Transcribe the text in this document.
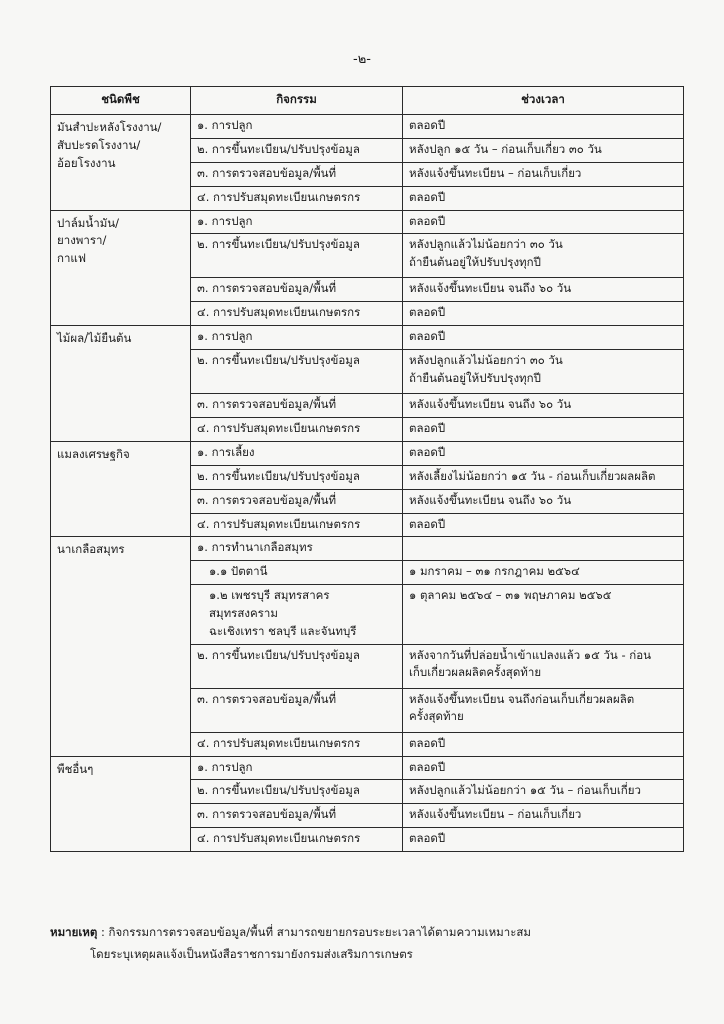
-๒-
ชนิดพืช	กิจกรรม	ช่วงเวลา
มันสำปะหลังโรงงาน/
สับปะรดโรงงาน/
อ้อยโรงงาน	๑. การปลูก	ตลอดปี
	๒. การขึ้นทะเบียน/ปรับปรุงข้อมูล	หลังปลูก ๑๕ วัน – ก่อนเก็บเกี่ยว ๓๐ วัน
	๓. การตรวจสอบข้อมูล/พื้นที่	หลังแจ้งขึ้นทะเบียน – ก่อนเก็บเกี่ยว
	๔. การปรับสมุดทะเบียนเกษตรกร	ตลอดปี
ปาล์มน้ำมัน/
ยางพารา/
กาแฟ	๑. การปลูก	ตลอดปี
	๒. การขึ้นทะเบียน/ปรับปรุงข้อมูล	หลังปลูกแล้วไม่น้อยกว่า ๓๐ วัน
ถ้ายืนต้นอยู่ให้ปรับปรุงทุกปี
	๓. การตรวจสอบข้อมูล/พื้นที่	หลังแจ้งขึ้นทะเบียน จนถึง ๖๐ วัน
	๔. การปรับสมุดทะเบียนเกษตรกร	ตลอดปี
ไม้ผล/ไม้ยืนต้น	๑. การปลูก	ตลอดปี
	๒. การขึ้นทะเบียน/ปรับปรุงข้อมูล	หลังปลูกแล้วไม่น้อยกว่า ๓๐ วัน
ถ้ายืนต้นอยู่ให้ปรับปรุงทุกปี
	๓. การตรวจสอบข้อมูล/พื้นที่	หลังแจ้งขึ้นทะเบียน จนถึง ๖๐ วัน
	๔. การปรับสมุดทะเบียนเกษตรกร	ตลอดปี
แมลงเศรษฐกิจ	๑. การเลี้ยง	ตลอดปี
	๒. การขึ้นทะเบียน/ปรับปรุงข้อมูล	หลังเลี้ยงไม่น้อยกว่า ๑๕ วัน - ก่อนเก็บเกี่ยวผลผลิต
	๓. การตรวจสอบข้อมูล/พื้นที่	หลังแจ้งขึ้นทะเบียน จนถึง ๖๐ วัน
	๔. การปรับสมุดทะเบียนเกษตรกร	ตลอดปี
นาเกลือสมุทร	๑. การทำนาเกลือสมุทร	
	๑.๑ ปัตตานี	๑ มกราคม – ๓๑ กรกฎาคม ๒๕๖๔
	๑.๒ เพชรบุรี สมุทรสาคร สมุทรสงคราม
ฉะเชิงเทรา ชลบุรี และจันทบุรี	๑ ตุลาคม ๒๕๖๔ – ๓๑ พฤษภาคม ๒๕๖๕
	๒. การขึ้นทะเบียน/ปรับปรุงข้อมูล	หลังจากวันที่ปล่อยน้ำเข้าแปลงแล้ว ๑๕ วัน - ก่อน
เก็บเกี่ยวผลผลิตครั้งสุดท้าย
	๓. การตรวจสอบข้อมูล/พื้นที่	หลังแจ้งขึ้นทะเบียน จนถึงก่อนเก็บเกี่ยวผลผลิต
ครั้งสุดท้าย
	๔. การปรับสมุดทะเบียนเกษตรกร	ตลอดปี
พืชอื่นๆ	๑. การปลูก	ตลอดปี
	๒. การขึ้นทะเบียน/ปรับปรุงข้อมูล	หลังปลูกแล้วไม่น้อยกว่า ๑๕ วัน – ก่อนเก็บเกี่ยว
	๓. การตรวจสอบข้อมูล/พื้นที่	หลังแจ้งขึ้นทะเบียน – ก่อนเก็บเกี่ยว
	๔. การปรับสมุดทะเบียนเกษตรกร	ตลอดปี
หมายเหตุ : กิจกรรมการตรวจสอบข้อมูล/พื้นที่ สามารถขยายกรอบระยะเวลาได้ตามความเหมาะสม
โดยระบุเหตุผลแจ้งเป็นหนังสือราชการมายังกรมส่งเสริมการเกษตร
